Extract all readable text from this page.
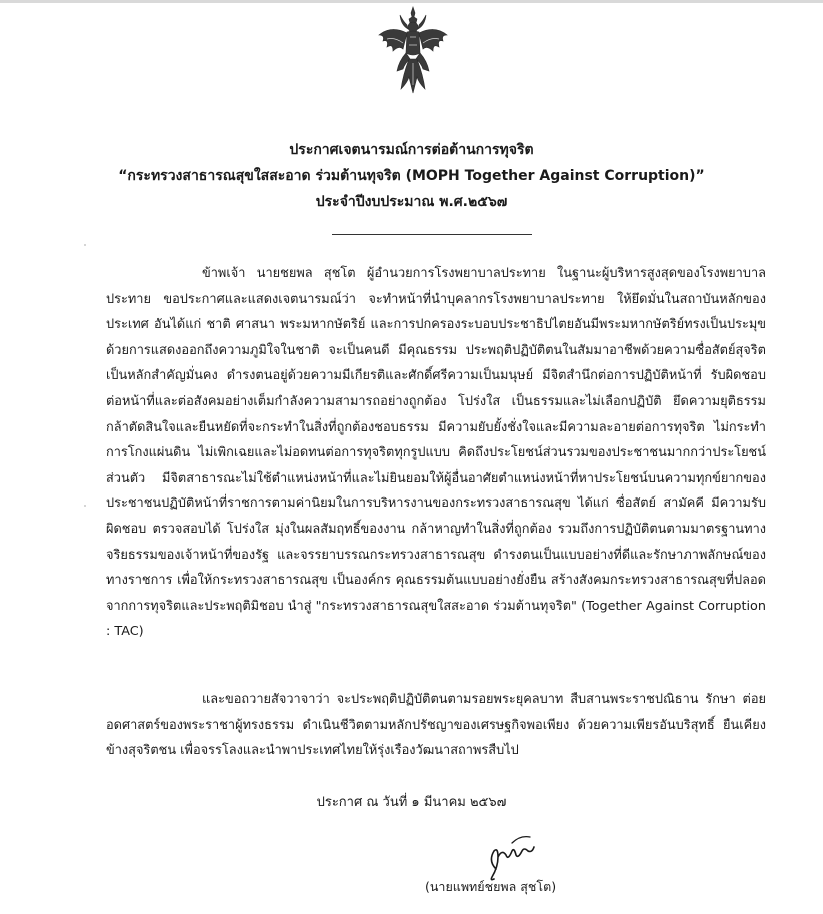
ประกาศเจตนารมณ์การต่อต้านการทุจริต
“กระทรวงสาธารณสุขใสสะอาด ร่วมต้านทุจริต (MOPH Together Against Corruption)”
ประจำปีงบประมาณ พ.ศ.๒๕๖๗
ข้าพเจ้า นายชยพล สุชโต ผู้อำนวยการโรงพยาบาลประทาย ในฐานะผู้บริหารสูงสุดของโรงพยาบาลประทาย ขอประกาศและแสดงเจตนารมณ์ว่า จะทำหน้าที่นำบุคลากรโรงพยาบาลประทาย ให้ยึดมั่นในสถาบันหลักของประเทศ อันได้แก่ ชาติ ศาสนา พระมหากษัตริย์ และการปกครองระบอบประชาธิปไตยอันมีพระมหากษัตริย์ทรงเป็นประมุข ด้วยการแสดงออกถึงความภูมิใจในชาติ จะเป็นคนดี มีคุณธรรม ประพฤติปฏิบัติตนในสัมมาอาชีพด้วยความซื่อสัตย์สุจริตเป็นหลักสำคัญมั่นคง ดำรงตนอยู่ด้วยความมีเกียรติและศักดิ์ศรีความเป็นมนุษย์ มีจิตสำนึกต่อการปฏิบัติหน้าที่ รับผิดชอบต่อหน้าที่และต่อสังคมอย่างเต็มกำลังความสามารถอย่างถูกต้อง โปร่งใส เป็นธรรมและไม่เลือกปฏิบัติ ยึดความยุติธรรม กล้าตัดสินใจและยืนหยัดที่จะกระทำในสิ่งที่ถูกต้องชอบธรรม มีความยับยั้งชั่งใจและมีความละอายต่อการทุจริต ไม่กระทำการโกงแผ่นดิน ไม่เพิกเฉยและไม่อดทนต่อการทุจริตทุกรูปแบบ คิดถึงประโยชน์ส่วนรวมของประชาชนมากกว่าประโยชน์ส่วนตัว มีจิตสาธารณะไม่ใช้ตำแหน่งหน้าที่และไม่ยินยอมให้ผู้อื่นอาศัยตำแหน่งหน้าที่หาประโยชน์บนความทุกข์ยากของประชาชนปฏิบัติหน้าที่ราชการตามค่านิยมในการบริหารงานของกระทรวงสาธารณสุข ได้แก่ ซื่อสัตย์ สามัคคี มีความรับผิดชอบ ตรวจสอบได้ โปร่งใส มุ่งในผลสัมฤทธิ์ของงาน กล้าหาญทำในสิ่งที่ถูกต้อง รวมถึงการปฏิบัติตนตามมาตรฐานทางจริยธรรมของเจ้าหน้าที่ของรัฐ และจรรยาบรรณกระทรวงสาธารณสุข ดำรงตนเป็นแบบอย่างที่ดีและรักษาภาพลักษณ์ของทางราชการ เพื่อให้กระทรวงสาธารณสุข เป็นองค์กร คุณธรรมต้นแบบอย่างยั่งยืน สร้างสังคมกระทรวงสาธารณสุขที่ปลอดจากการทุจริตและประพฤติมิชอบ นำสู่ "กระทรวงสาธารณสุขใสสะอาด ร่วมต้านทุจริต" (Together Against Corruption : TAC)
และขอถวายสัจวาจาว่า จะประพฤติปฏิบัติตนตามรอยพระยุคลบาท สืบสานพระราชปณิธาน รักษา ต่อยอดศาสตร์ของพระราชาผู้ทรงธรรม ดำเนินชีวิตตามหลักปรัชญาของเศรษฐกิจพอเพียง ด้วยความเพียรอันบริสุทธิ์ ยืนเคียงข้างสุจริตชน เพื่อจรรโลงและนำพาประเทศไทยให้รุ่งเรืองวัฒนาสถาพรสืบไป
ประกาศ ณ วันที่ ๑ มีนาคม ๒๕๖๗
(นายแพทย์ชยพล สุชโต)
